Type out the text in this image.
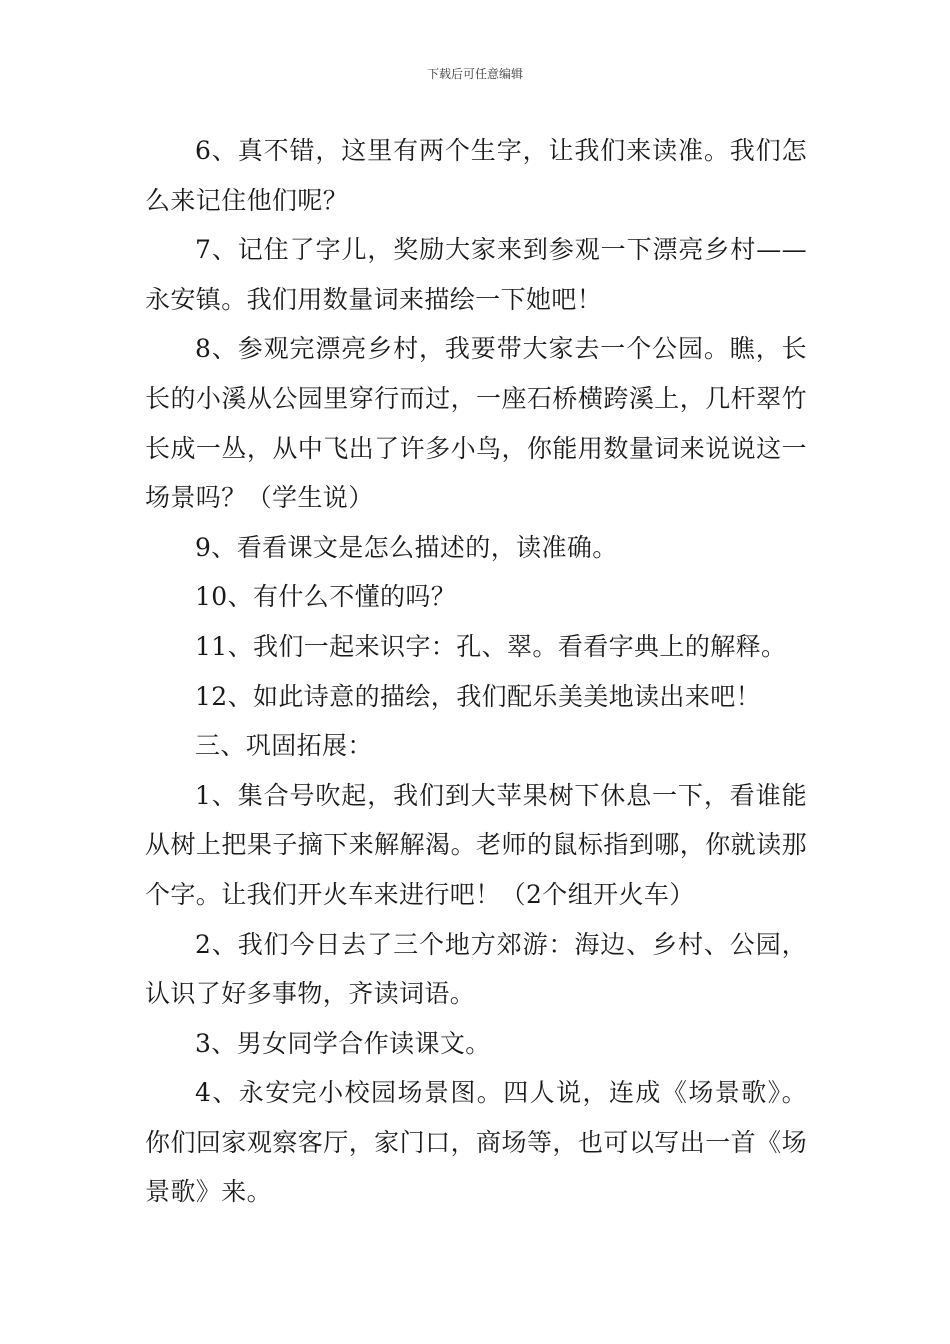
下载后可任意编辑

6、真不错，这里有两个生字，让我们来读准。我们怎么来记住他们呢？

7、记住了字儿，奖励大家来到参观一下漂亮乡村——永安镇。我们用数量词来描绘一下她吧！

8、参观完漂亮乡村，我要带大家去一个公园。瞧，长长的小溪从公园里穿行而过，一座石桥横跨溪上，几杆翠竹长成一丛，从中飞出了许多小鸟，你能用数量词来说说这一场景吗？（学生说）

9、看看课文是怎么描述的，读准确。

10、有什么不懂的吗？

11、我们一起来识字：孔、翠。看看字典上的解释。

12、如此诗意的描绘，我们配乐美美地读出来吧！

三、巩固拓展：

1、集合号吹起，我们到大苹果树下休息一下，看谁能从树上把果子摘下来解解渴。老师的鼠标指到哪，你就读那个字。让我们开火车来进行吧！（2个组开火车）

2、我们今日去了三个地方郊游：海边、乡村、公园，认识了好多事物，齐读词语。

3、男女同学合作读课文。

4、永安完小校园场景图。四人说，连成《场景歌》。你们回家观察客厅，家门口，商场等，也可以写出一首《场景歌》来。
